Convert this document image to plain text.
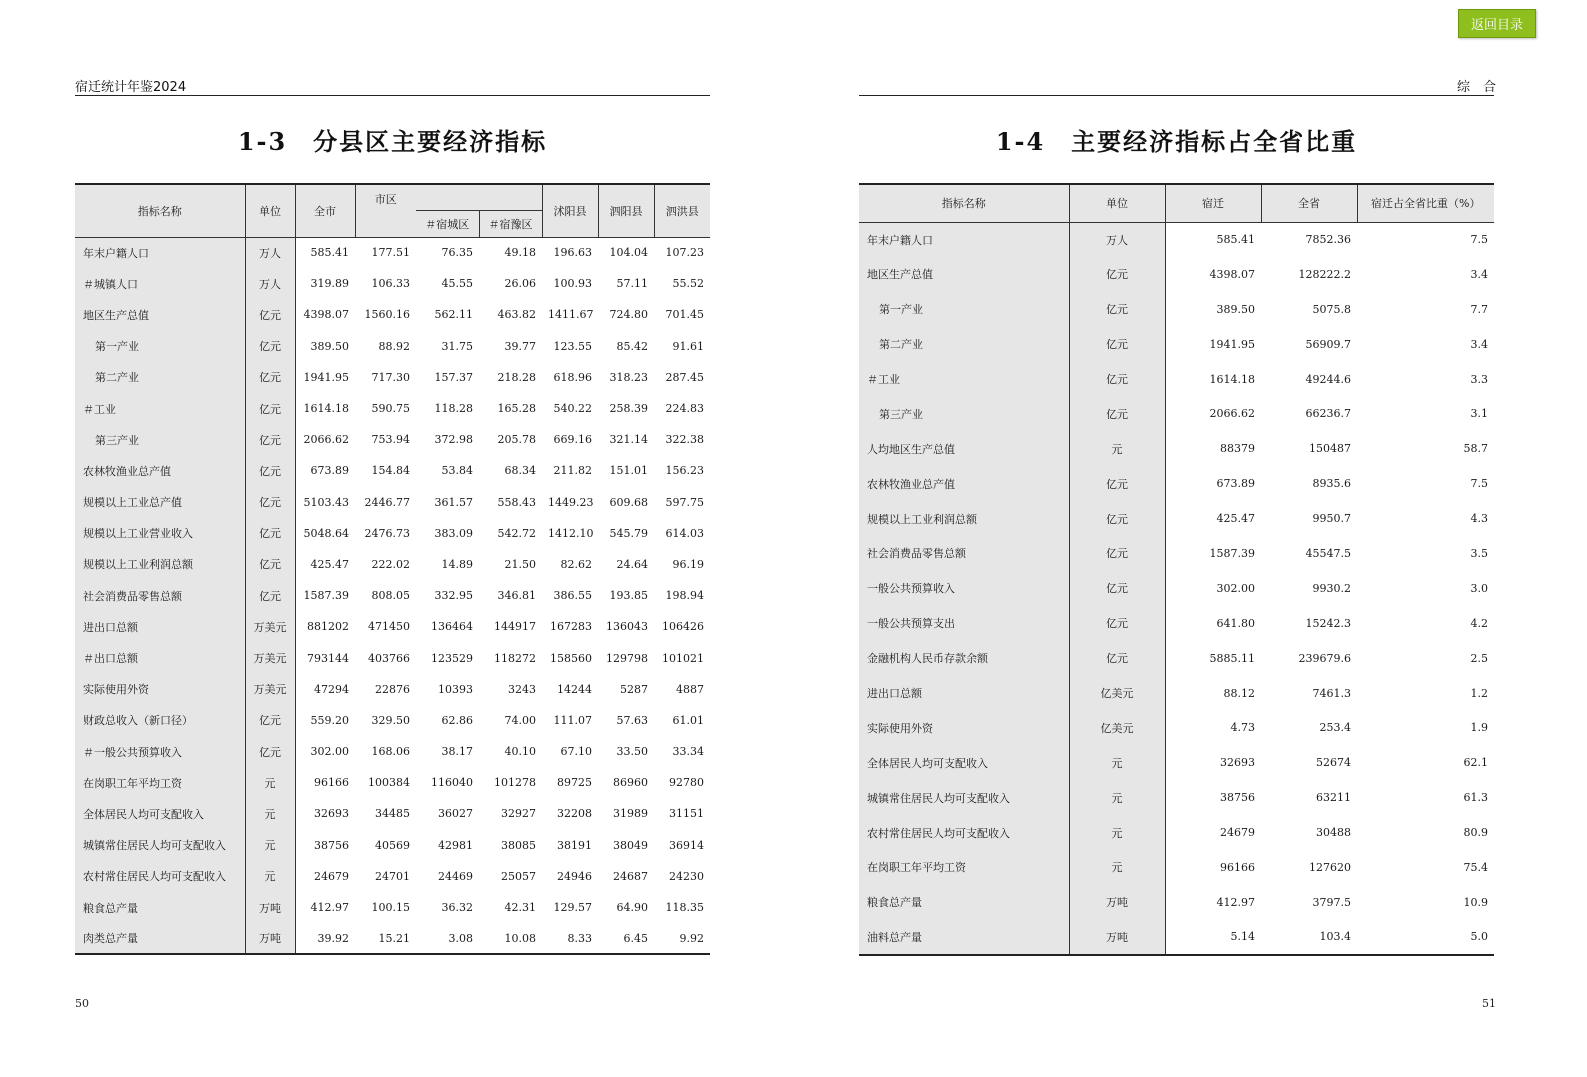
宿迁统计年鉴2024
1-3　分县区主要经济指标
指标名称	单位	全市	市区			沭阳县	泗阳县	泗洪县
				＃宿城区	＃宿豫区			
年末户籍人口	万人	585.41	177.51	76.35	49.18	196.63	104.04	107.23
＃城镇人口	万人	319.89	106.33	45.55	26.06	100.93	57.11	55.52
地区生产总值	亿元	4398.07	1560.16	562.11	463.82	1411.67	724.80	701.45
第一产业	亿元	389.50	88.92	31.75	39.77	123.55	85.42	91.61
第二产业	亿元	1941.95	717.30	157.37	218.28	618.96	318.23	287.45
＃工业	亿元	1614.18	590.75	118.28	165.28	540.22	258.39	224.83
第三产业	亿元	2066.62	753.94	372.98	205.78	669.16	321.14	322.38
农林牧渔业总产值	亿元	673.89	154.84	53.84	68.34	211.82	151.01	156.23
规模以上工业总产值	亿元	5103.43	2446.77	361.57	558.43	1449.23	609.68	597.75
规模以上工业营业收入	亿元	5048.64	2476.73	383.09	542.72	1412.10	545.79	614.03
规模以上工业利润总额	亿元	425.47	222.02	14.89	21.50	82.62	24.64	96.19
社会消费品零售总额	亿元	1587.39	808.05	332.95	346.81	386.55	193.85	198.94
进出口总额	万美元	881202	471450	136464	144917	167283	136043	106426
＃出口总额	万美元	793144	403766	123529	118272	158560	129798	101021
实际使用外资	万美元	47294	22876	10393	3243	14244	5287	4887
财政总收入（新口径）	亿元	559.20	329.50	62.86	74.00	111.07	57.63	61.01
＃一般公共预算收入	亿元	302.00	168.06	38.17	40.10	67.10	33.50	33.34
在岗职工年平均工资	元	96166	100384	116040	101278	89725	86960	92780
全体居民人均可支配收入	元	32693	34485	36027	32927	32208	31989	31151
城镇常住居民人均可支配收入	元	38756	40569	42981	38085	38191	38049	36914
农村常住居民人均可支配收入	元	24679	24701	24469	25057	24946	24687	24230
粮食总产量	万吨	412.97	100.15	36.32	42.31	129.57	64.90	118.35
肉类总产量	万吨	39.92	15.21	3.08	10.08	8.33	6.45	9.92
50
综　合
1-4　主要经济指标占全省比重
指标名称	单位	宿迁	全省	宿迁占全省比重（%）
年末户籍人口	万人	585.41	7852.36	7.5
地区生产总值	亿元	4398.07	128222.2	3.4
第一产业	亿元	389.50	5075.8	7.7
第二产业	亿元	1941.95	56909.7	3.4
＃工业	亿元	1614.18	49244.6	3.3
第三产业	亿元	2066.62	66236.7	3.1
人均地区生产总值	元	88379	150487	58.7
农林牧渔业总产值	亿元	673.89	8935.6	7.5
规模以上工业利润总额	亿元	425.47	9950.7	4.3
社会消费品零售总额	亿元	1587.39	45547.5	3.5
一般公共预算收入	亿元	302.00	9930.2	3.0
一般公共预算支出	亿元	641.80	15242.3	4.2
金融机构人民币存款余额	亿元	5885.11	239679.6	2.5
进出口总额	亿美元	88.12	7461.3	1.2
实际使用外资	亿美元	4.73	253.4	1.9
全体居民人均可支配收入	元	32693	52674	62.1
城镇常住居民人均可支配收入	元	38756	63211	61.3
农村常住居民人均可支配收入	元	24679	30488	80.9
在岗职工年平均工资	元	96166	127620	75.4
粮食总产量	万吨	412.97	3797.5	10.9
油料总产量	万吨	5.14	103.4	5.0
51
返回目录
